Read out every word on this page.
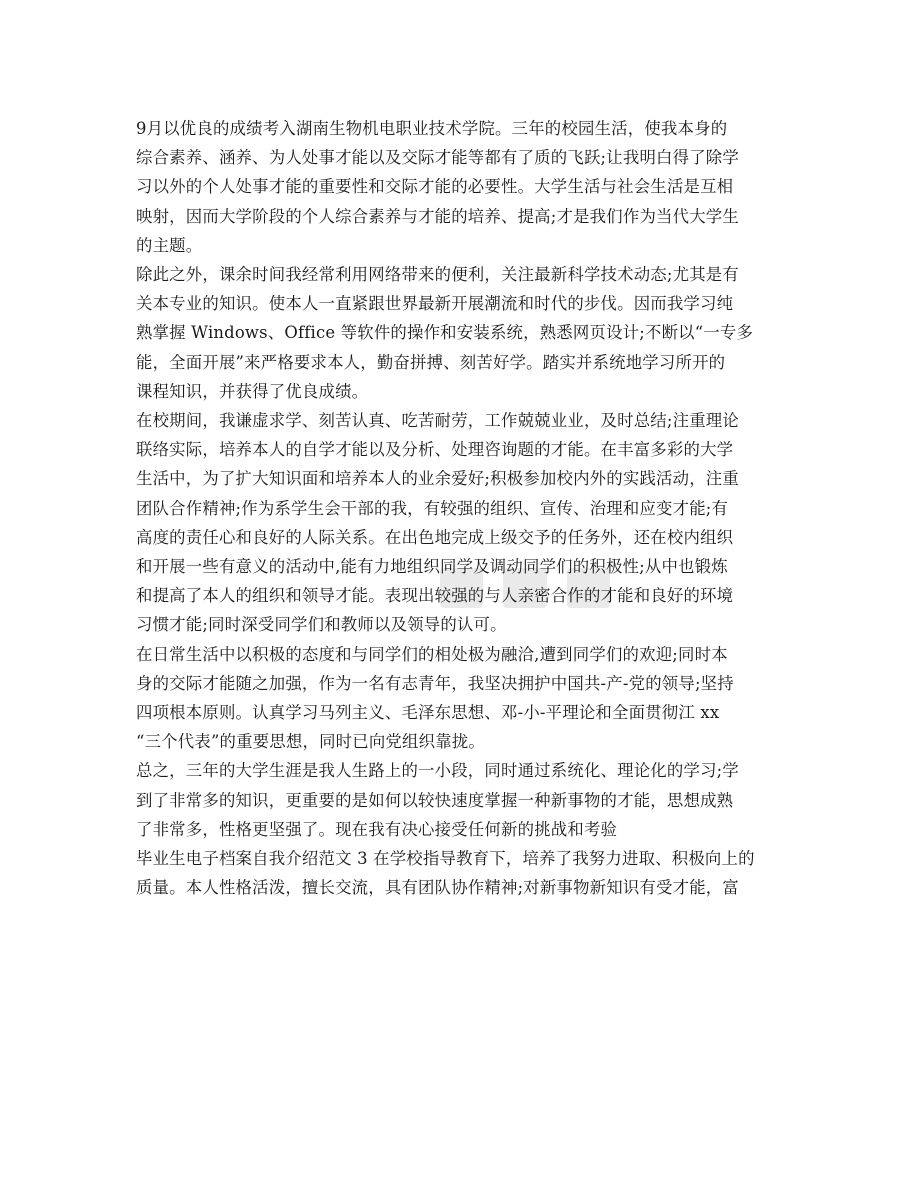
9月以优良的成绩考入湖南生物机电职业技术学院。三年的校园生活，使我本身的
综合素养、涵养、为人处事才能以及交际才能等都有了质的飞跃;让我明白得了除学
习以外的个人处事才能的重要性和交际才能的必要性。大学生活与社会生活是互相
映射，因而大学阶段的个人综合素养与才能的培养、提高;才是我们作为当代大学生
的主题。

除此之外，课余时间我经常利用网络带来的便利，关注最新科学技术动态;尤其是有
关本专业的知识。使本人一直紧跟世界最新开展潮流和时代的步伐。因而我学习纯
熟掌握 Windows、Office 等软件的操作和安装系统，熟悉网页设计;不断以“一专多
能，全面开展”来严格要求本人，勤奋拼搏、刻苦好学。踏实并系统地学习所开的
课程知识，并获得了优良成绩。

在校期间，我谦虚求学、刻苦认真、吃苦耐劳，工作兢兢业业，及时总结;注重理论
联络实际，培养本人的自学才能以及分析、处理咨询题的才能。在丰富多彩的大学
生活中，为了扩大知识面和培养本人的业余爱好;积极参加校内外的实践活动，注重
团队合作精神;作为系学生会干部的我，有较强的组织、宣传、治理和应变才能;有
高度的责任心和良好的人际关系。在出色地完成上级交予的任务外，还在校内组织
和开展一些有意义的活动中,能有力地组织同学及调动同学们的积极性;从中也锻炼
和提高了本人的组织和领导才能。表现出较强的与人亲密合作的才能和良好的环境
习惯才能;同时深受同学们和教师以及领导的认可。

在日常生活中以积极的态度和与同学们的相处极为融洽,遭到同学们的欢迎;同时本
身的交际才能随之加强，作为一名有志青年，我坚决拥护中国共-产-党的领导;坚持
四项根本原则。认真学习马列主义、毛泽东思想、邓-小-平理论和全面贯彻江 xx
“三个代表”的重要思想，同时已向党组织靠拢。

总之，三年的大学生涯是我人生路上的一小段，同时通过系统化、理论化的学习;学
到了非常多的知识，更重要的是如何以较快速度掌握一种新事物的才能，思想成熟
了非常多，性格更坚强了。现在我有决心接受任何新的挑战和考验

毕业生电子档案自我介绍范文 3 在学校指导教育下，培养了我努力进取、积极向上的
质量。本人性格活泼，擅长交流，具有团队协作精神;对新事物新知识有受才能，富
